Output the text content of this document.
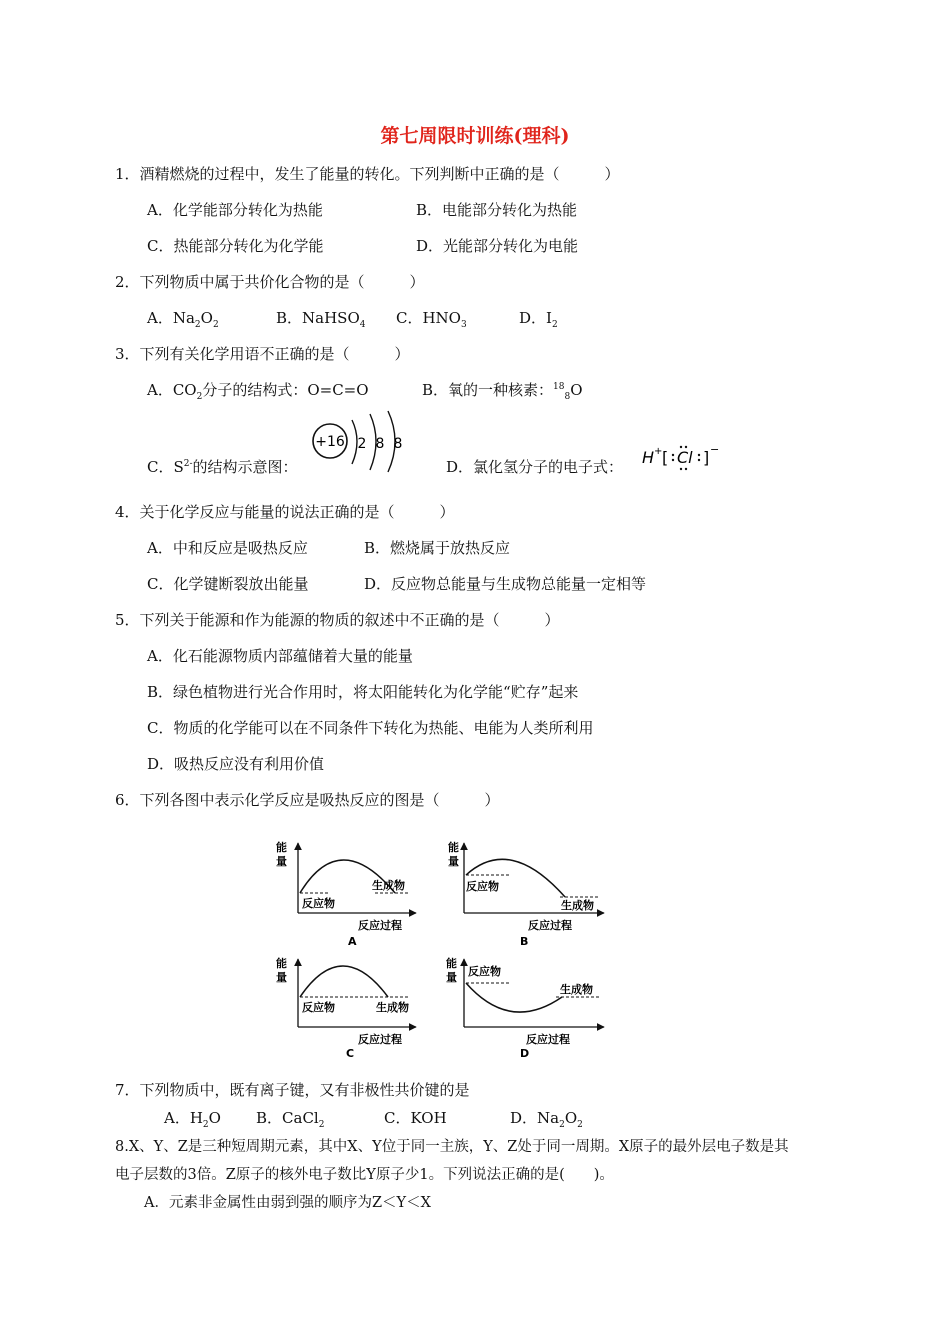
第七周限时训练(理科)
1．酒精燃烧的过程中，发生了能量的转化。下列判断中正确的是（　　　）
A．化学能部分转化为热能	B．电能部分转化为热能
C．热能部分转化为化学能	D．光能部分转化为电能
2．下列物质中属于共价化合物的是（　　　）
A．$Na_2O_2$	B．NaHSO$_4$ C．$HNO_3$	D．$I_2$
3．下列有关化学用语不正确的是（　　　）
A．$CO_2$分子的结构式：O=C=O	B．氧的一种核素：$^{18}_8$O
C．$S^{2-}$的结构示意图：
+16 2 8 8
D．氯化氢分子的电子式： H + [ Cl ] −
4．关于化学反应与能量的说法正确的是（　　　）
A．中和反应是吸热反应	B．燃烧属于放热反应
C．化学键断裂放出能量	D．反应物总能量与生成物总能量一定相等
5．下列关于能源和作为能源的物质的叙述中不正确的是（　　　）
A．化石能源物质内部蕴储着大量的能量
B．绿色植物进行光合作用时，将太阳能转化为化学能“贮存”起来
C．物质的化学能可以在不同条件下转化为热能、电能为人类所利用
D．吸热反应没有利用价值
6．下列各图中表示化学反应是吸热反应的图是（　　　）
能
量
反应物
生成物
反应过程
A
能
量
反应物
生成物
反应过程
B
能
量
反应物	生成物
反应过程
C
能
量 反应物
生成物
反应过程
D
7．下列物质中，既有离子键，又有非极性共价键的是
A．$H_2O$ B．CaCl$_2$	C．KOH	D．$Na_2O_2$
8.X、Y、Z是三种短周期元素，其中X、Y位于同一主族，Y、Z处于同一周期。X原子的最外层电子数是其
电子层数的3倍。Z原子的核外电子数比Y原子少1。下列说法正确的是(　　)。
A．元素非金属性由弱到强的顺序为Z＜Y＜X
